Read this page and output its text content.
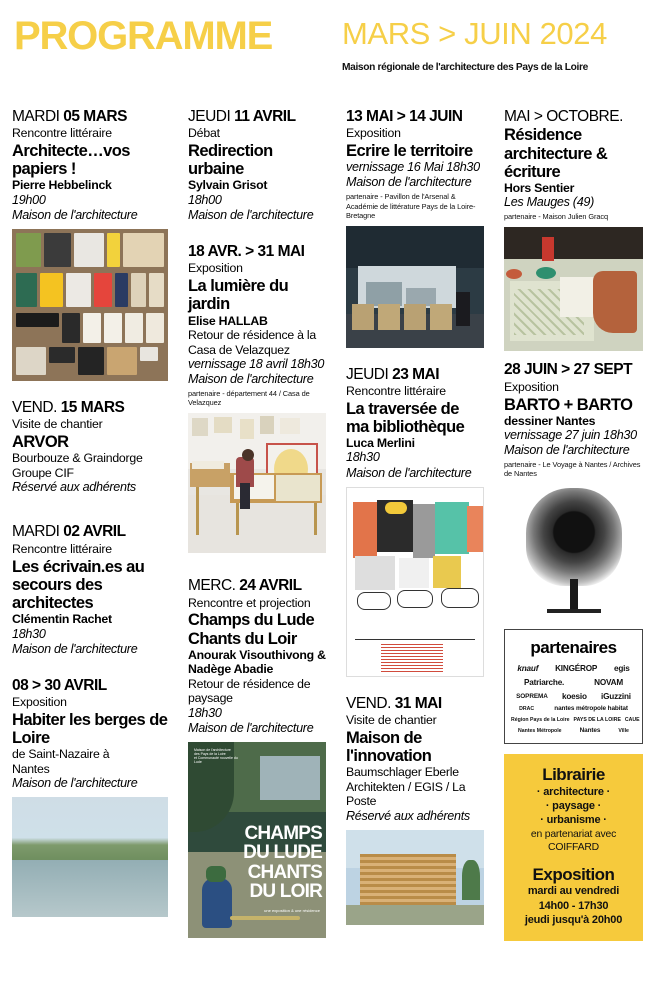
PROGRAMME MARS > JUIN 2024
Maison régionale de l'architecture des Pays de la Loire
MARDI 05 MARS
Rencontre littéraire
Architecte…vos papiers !
Pierre Hebbelinck
19h00
Maison de l'architecture
VEND. 15 MARS
Visite de chantier
ARVOR
Bourbouze & Graindorge
Groupe CIF
Réservé aux adhérents
MARDI 02 AVRIL
Rencontre littéraire
Les écrivain.es au secours des architectes
Clémentin Rachet
18h30
Maison de l'architecture
08 > 30 AVRIL
Exposition
Habiter les berges de Loire
de Saint-Nazaire à
Nantes
Maison de l'architecture
JEUDI 11 AVRIL
Débat
Redirection urbaine
Sylvain Grisot
18h00
Maison de l'architecture
18 AVR. > 31 MAI
Exposition
La lumière du jardin
Elise HALLAB
Retour de résidence à la
Casa de Velazquez
vernissage 18 avril 18h30
Maison de l'architecture
partenaire - département 44 / Casa de Velazquez
MERC. 24 AVRIL
Rencontre et projection
Champs du Lude Chants du Loir
Anourak Visouthivong &
Nadège Abadie
Retour de résidence de
paysage
18h30
Maison de l'architecture
Maison de l'architecture
des Pays de la Loire
et Communauté nouvelle du Lude
CHAMPS
DU LUDE
CHANTS
DU LOIR
une exposition & une résidence
13 MAI > 14 JUIN
Exposition
Ecrire le territoire
vernissage 16 Mai 18h30
Maison de l'architecture
partenaire - Pavillon de l'Arsenal & Académie de littérature Pays de la Loire-Bretagne
JEUDI 23 MAI
Rencontre littéraire
La traversée de ma bibliothèque
Luca Merlini
18h30
Maison de l'architecture
VEND. 31 MAI
Visite de chantier
Maison de l'innovation
Baumschlager Eberle
Architekten / EGIS / La Poste
Réservé aux adhérents
MAI > OCTOBRE.
Résidence architecture & écriture
Hors Sentier
Les Mauges (49)
partenaire - Maison Julien Gracq
28 JUIN > 27 SEPT
Exposition
BARTO + BARTO
dessiner Nantes
vernissage 27 juin 18h30
Maison de l'architecture
partenaire - Le Voyage à Nantes / Archives de Nantes
partenaires
knauf KINGÉROP egis
Patriarche.	NOVAM
SOPREMA koesio iGuzzini
DRAC	nantes métropole habitat
Région Pays de la Loire PAYS DE LA LOIRE CAUE
Nantes Métropole	Nantes	Ville
Librairie
· architecture ·
· paysage ·
· urbanisme ·
en partenariat avec
COIFFARD
Exposition
mardi au vendredi
14h00 - 17h30
jeudi jusqu'à 20h00
